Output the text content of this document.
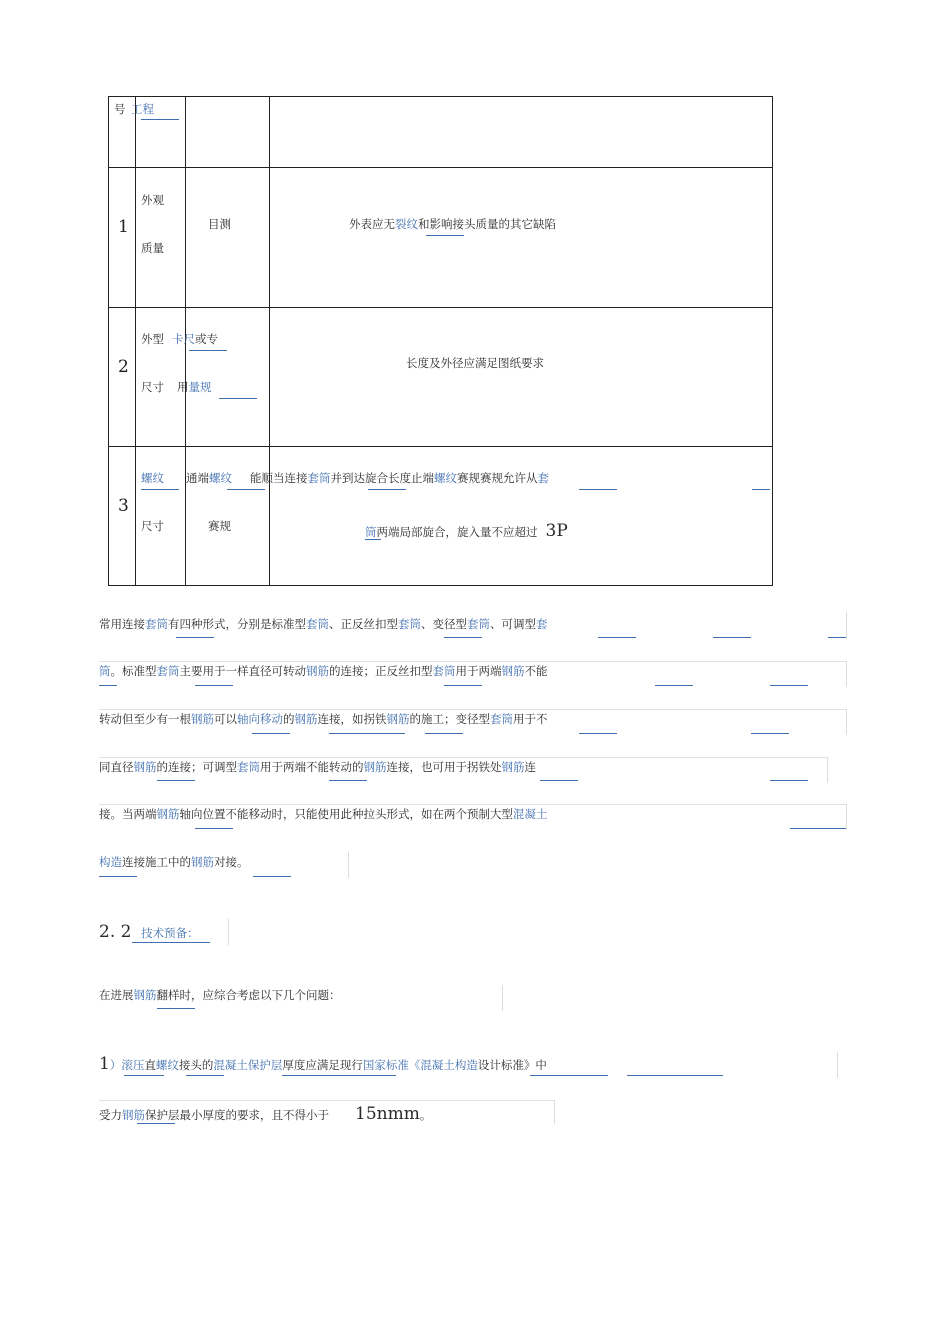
号 工程
1
外观
质量
目测	外表应无裂纹和影响接头质量的其它缺陷
2
外型
尺寸
卡尺或专
用量规
长度及外径应满足图纸要求
3
螺纹
尺寸
通端螺纹
赛规
能顺当连接套筒并到达旋合长度止端螺纹赛规赛规允许从套
筒两端局部旋合，旋入量不应超过 3P
常用连接套筒有四种形式，分别是标准型套筒、正反丝扣型套筒、变径型套筒、可调型套
筒。标准型套筒主要用于一样直径可转动钢筋的连接；正反丝扣型套筒用于两端钢筋不能
转动但至少有一根钢筋可以轴向移动的钢筋连接，如拐铁钢筋的施工；变径型套筒用于不
同直径钢筋的连接；可调型套筒用于两端不能转动的钢筋连接，也可用于拐铁处钢筋连
接。当两端钢筋轴向位置不能移动时，只能使用此种拉头形式，如在两个预制大型混凝土
构造连接施工中的钢筋对接。
2. 2 技术预备：
在进展钢筋翻样时，应综合考虑以下几个问题：
1）滚压直螺纹接头的混凝土保护层厚度应满足现行国家标准《混凝土构造设计标准》中
受力钢筋保护层最小厚度的要求，且不得小于 15nmm。
